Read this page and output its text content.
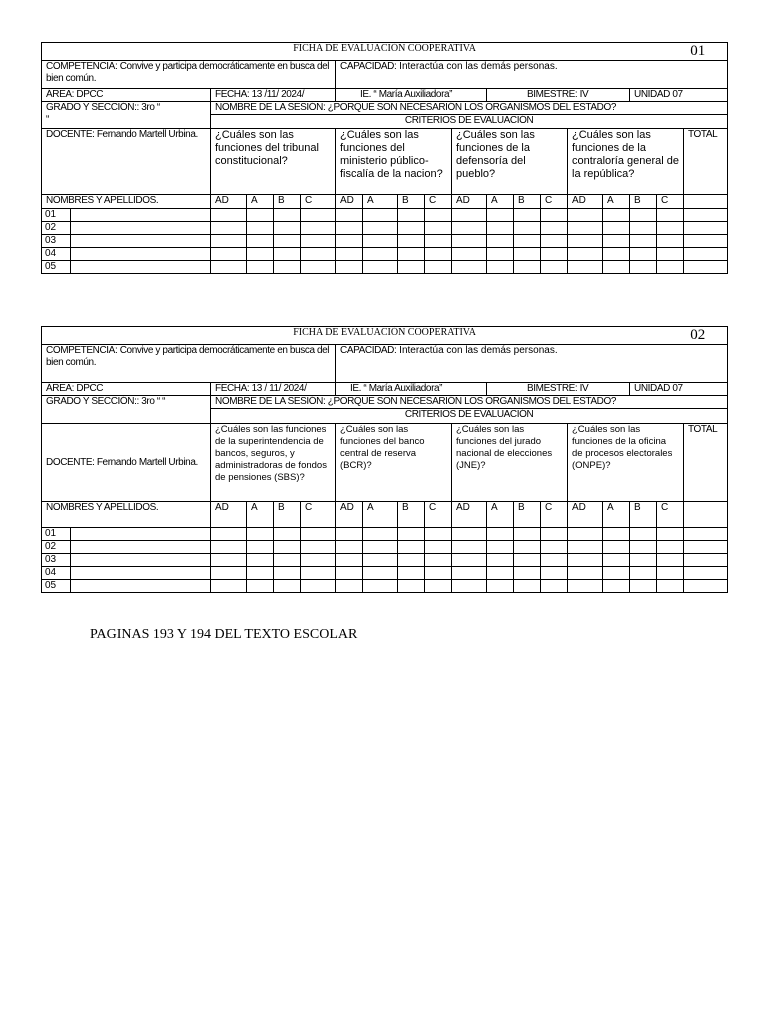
FICHA DE EVALUACIÓN COOPERATIVA 01																		

COMPETENCIA: Convive y participa democráticamente en busca del bien común.						CAPACIDAD: Interactúa con las demás personas.												
ÁREA: DPCC		FECHA: 13 /11/ 2024/				IE. “ María Auxiliadora”					BIMESTRE: IV					UNIDAD 07		
GRADO Y SECCIÓN:: 3ro “
“		NOMBRE DE LA SESIÓN: ¿PORQUE SON NECESARIÓN LOS ORGANISMOS DEL ESTADO?																
		CRITERIOS DE EVALUACIÓN																
DOCENTE: Fernando Martell Urbina.		¿Cuáles son las funciones del tribunal constitucional?				¿Cuáles son las funciones del ministerio público-fiscalía de la nacion?				¿Cuáles son las funciones de la defensoría del pueblo?				¿Cuáles son las funciones de la contraloría general de la república?				TOTAL
NOMBRES Y APELLIDOS.		AD	A	B	C	AD	A	B	C	AD	A	B	C	AD	A	B	C	
01																		
02																		
03																		
04																		
05																		
FICHA DE EVALUACIÓN COOPERATIVA 02																		

COMPETENCIA: Convive y participa democráticamente en busca del bien común.						CAPACIDAD: Interactúa con las demás personas.												
ÁREA: DPCC		FECHA: 13 / 11/ 2024/				IE. “ María Auxiliadora”					BIMESTRE: IV					UNIDAD 07		
GRADO Y SECCIÓN:: 3ro “ “		NOMBRE DE LA SESIÓN: ¿PORQUE SON NECESARIÓN LOS ORGANISMOS DEL ESTADO?																
		CRITERIOS DE EVALUACIÓN																
DOCENTE: Fernando Martell Urbina.		¿Cuáles son las funciones de la superintendencia de bancos, seguros, y administradoras de fondos de pensiones (SBS)?				¿Cuáles son las funciones del banco central de reserva (BCR)?				¿Cuáles son las funciones del jurado nacional de elecciones (JNE)?				¿Cuáles son las funciones de la oficina de procesos electorales (ONPE)?				TOTAL
NOMBRES Y APELLIDOS.		AD	A	B	C	AD	A	B	C	AD	A	B	C	AD	A	B	C	
01																		
02																		
03																		
04																		
05																		
PAGINAS 193 Y 194 DEL TEXTO ESCOLAR
